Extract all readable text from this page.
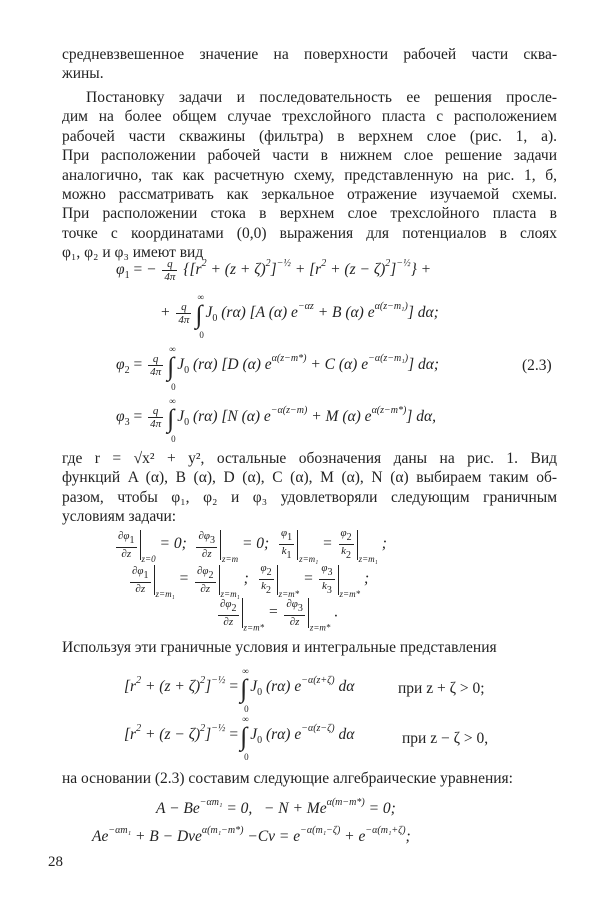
средневзвешенное значение на поверхности рабочей части сква-
жины.

Постановку задачи и последовательность ее решения просле-
дим на более общем случае трехслойного пласта с расположением
рабочей части скважины (фильтра) в верхнем слое (рис. 1, а).
При расположении рабочей части в нижнем слое решение задачи
аналогично, так как расчетную схему, представленную на рис. 1, б,
можно рассматривать как зеркальное отражение изучаемой схемы.
При расположении стока в верхнем слое трехслойного пласта в
точке с координатами (0,0) выражения для потенциалов в слоях
φ₁, φ₂ и φ₃ имеют вид

$\varphi_1$ = − $\frac{q}{4\pi} \{[r^2 + (z + \zeta)^2]^{-\frac{1}{2}} + [r^2 + (z - \zeta)^2]^{-\frac{1}{2}}\}$ +
+ $\frac{q}{4\pi}$
∞
∫
0
$J_0$ (rα) [A (α) $e^{-\alpha z} + B$ (α) $e^{\alpha(z-m_1)}$] dα;
$\varphi_2 = \frac{q}{4\pi}$
∞
∫
0
$J_0$ (rα) [D (α) $e^{\alpha(z-m*)} + C$ (α) $e^{-\alpha(z-m_1)}$] dα;	(2.3)
$\varphi_3 = \frac{q}{4\pi}$
∞
∫
0
$J_0$ (rα) [N (α) $e^{-\alpha(z-m)} + M$ (α) $e^{\alpha(z-m*)}$] dα,

где r = √x² + y², остальные обозначения даны на рис. 1. Вид
функций A (α), B (α), D (α), C (α), M (α), N (α) выбираем таким об-
разом, чтобы φ₁, φ₂ и φ₃ удовлетворяли следующим граничным
условиям задачи:

$\frac{\partial\varphi 1}{\partial z} _{z=0} = 0$; $\frac{\partial\varphi 3}{\partial z} _{z=m} = 0$; $\frac{\varphi 1}{k1} _{z=m_1} = \frac{\varphi 2}{k2} _{z=m_1}$ ;
$\frac{\partial\varphi 1}{\partial z} _{z=m_1} = \frac{\partial\varphi 2}{\partial z} _{z=m_1}$ ; $\frac{\varphi 2}{k2} _{z=m*} = \frac{\varphi 3}{k3} _{z=m*}$ ;
$\frac{\partial\varphi 2}{\partial z} _{z=m*} = \frac{\partial\varphi 3}{\partial z} _{z=m*}$ .

Используя эти граничные условия и интегральные представления

$[r^2 + (z + \zeta)^2]^{-\frac{1}{2}}$ =
∞
∫
0
$J_0$ (rα) $e^{-\alpha(z+\zeta)}$ dα при z + ζ > 0;
$[r^2 + (z - \zeta)^2]^{-\frac{1}{2}}$ =
∞
∫
0
$J_0$ (rα) $e^{-\alpha(z-\zeta)}$ dα при z − ζ > 0,

на основании (2.3) составим следующие алгебраические уравнения:

$A - Be^{-\alpha m_1} = 0$,   − $N + Me^{\alpha(m-m*)} = 0$;
$Ae^{-\alpha m_1} + B - Dve^{\alpha(m_1-m*)} -Cv = e^{-\alpha(m_1-\zeta)} + e^{-\alpha(m_1+\zeta)}$;
28
